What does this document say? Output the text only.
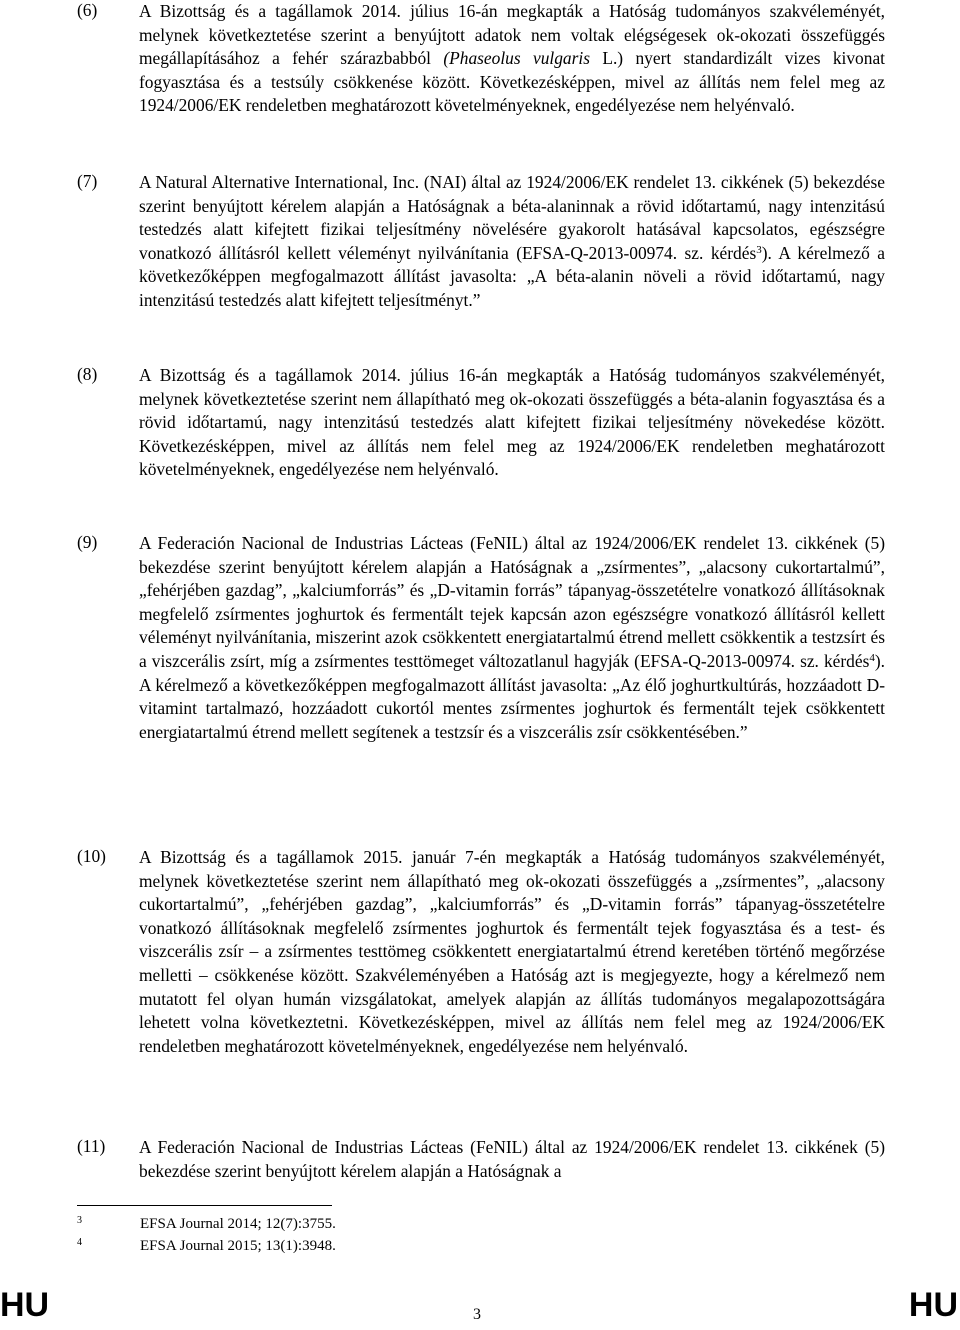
(6) A Bizottság és a tagállamok 2014. július 16-án megkapták a Hatóság tudományos szakvéleményét, melynek következtetése szerint a benyújtott adatok nem voltak elégségesek ok-okozati összefüggés megállapításához a fehér szárazbabból (Phaseolus vulgaris L.) nyert standardizált vizes kivonat fogyasztása és a testsúly csökkenése között. Következésképpen, mivel az állítás nem felel meg az 1924/2006/EK rendeletben meghatározott követelményeknek, engedélyezése nem helyénvaló.
(7) A Natural Alternative International, Inc. (NAI) által az 1924/2006/EK rendelet 13. cikkének (5) bekezdése szerint benyújtott kérelem alapján a Hatóságnak a béta-alaninnak a rövid időtartamú, nagy intenzitású testedzés alatt kifejtett fizikai teljesítmény növelésére gyakorolt hatásával kapcsolatos, egészségre vonatkozó állításról kellett véleményt nyilvánítania (EFSA-Q-2013-00974. sz. kérdés$^3$). A kérelmező a következőképpen megfogalmazott állítást javasolta: „A béta-alanin növeli a rövid időtartamú, nagy intenzitású testedzés alatt kifejtett teljesítményt.”
(8) A Bizottság és a tagállamok 2014. július 16-án megkapták a Hatóság tudományos szakvéleményét, melynek következtetése szerint nem állapítható meg ok-okozati összefüggés a béta-alanin fogyasztása és a rövid időtartamú, nagy intenzitású testedzés alatt kifejtett fizikai teljesítmény növekedése között. Következésképpen, mivel az állítás nem felel meg az 1924/2006/EK rendeletben meghatározott követelményeknek, engedélyezése nem helyénvaló.
(9) A Federación Nacional de Industrias Lácteas (FeNIL) által az 1924/2006/EK rendelet 13. cikkének (5) bekezdése szerint benyújtott kérelem alapján a Hatóságnak a „zsírmentes”, „alacsony cukortartalmú”, „fehérjében gazdag”, „kalciumforrás” és „D-vitamin forrás” tápanyag-összetételre vonatkozó állításoknak megfelelő zsírmentes joghurtok és fermentált tejek kapcsán azon egészségre vonatkozó állításról kellett véleményt nyilvánítania, miszerint azok csökkentett energiatartalmú étrend mellett csökkentik a testzsírt és a viszcerális zsírt, míg a zsírmentes testtömeget változatlanul hagyják (EFSA-Q-2013-00974. sz. kérdés$^4$). A kérelmező a következőképpen megfogalmazott állítást javasolta: „Az élő joghurtkultúrás, hozzáadott D-vitamint tartalmazó, hozzáadott cukortól mentes zsírmentes joghurtok és fermentált tejek csökkentett energiatartalmú étrend mellett segítenek a testzsír és a viszcerális zsír csökkentésében.”
(10) A Bizottság és a tagállamok 2015. január 7-én megkapták a Hatóság tudományos szakvéleményét, melynek következtetése szerint nem állapítható meg ok-okozati összefüggés a „zsírmentes”, „alacsony cukortartalmú”, „fehérjében gazdag”, „kalciumforrás” és „D-vitamin forrás” tápanyag-összetételre vonatkozó állításoknak megfelelő zsírmentes joghurtok és fermentált tejek fogyasztása és a test- és viszcerális zsír – a zsírmentes testtömeg csökkentett energiatartalmú étrend keretében történő megőrzése melletti – csökkenése között. Szakvéleményében a Hatóság azt is megjegyezte, hogy a kérelmező nem mutatott fel olyan humán vizsgálatokat, amelyek alapján az állítás tudományos megalapozottságára lehetett volna következtetni. Következésképpen, mivel az állítás nem felel meg az 1924/2006/EK rendeletben meghatározott követelményeknek, engedélyezése nem helyénvaló.
(11) A Federación Nacional de Industrias Lácteas (FeNIL) által az 1924/2006/EK rendelet 13. cikkének (5) bekezdése szerint benyújtott kérelem alapján a Hatóságnak a
3	EFSA Journal 2014; 12(7):3755.
4	EFSA Journal 2015; 13(1):3948.
HU	3	HU
